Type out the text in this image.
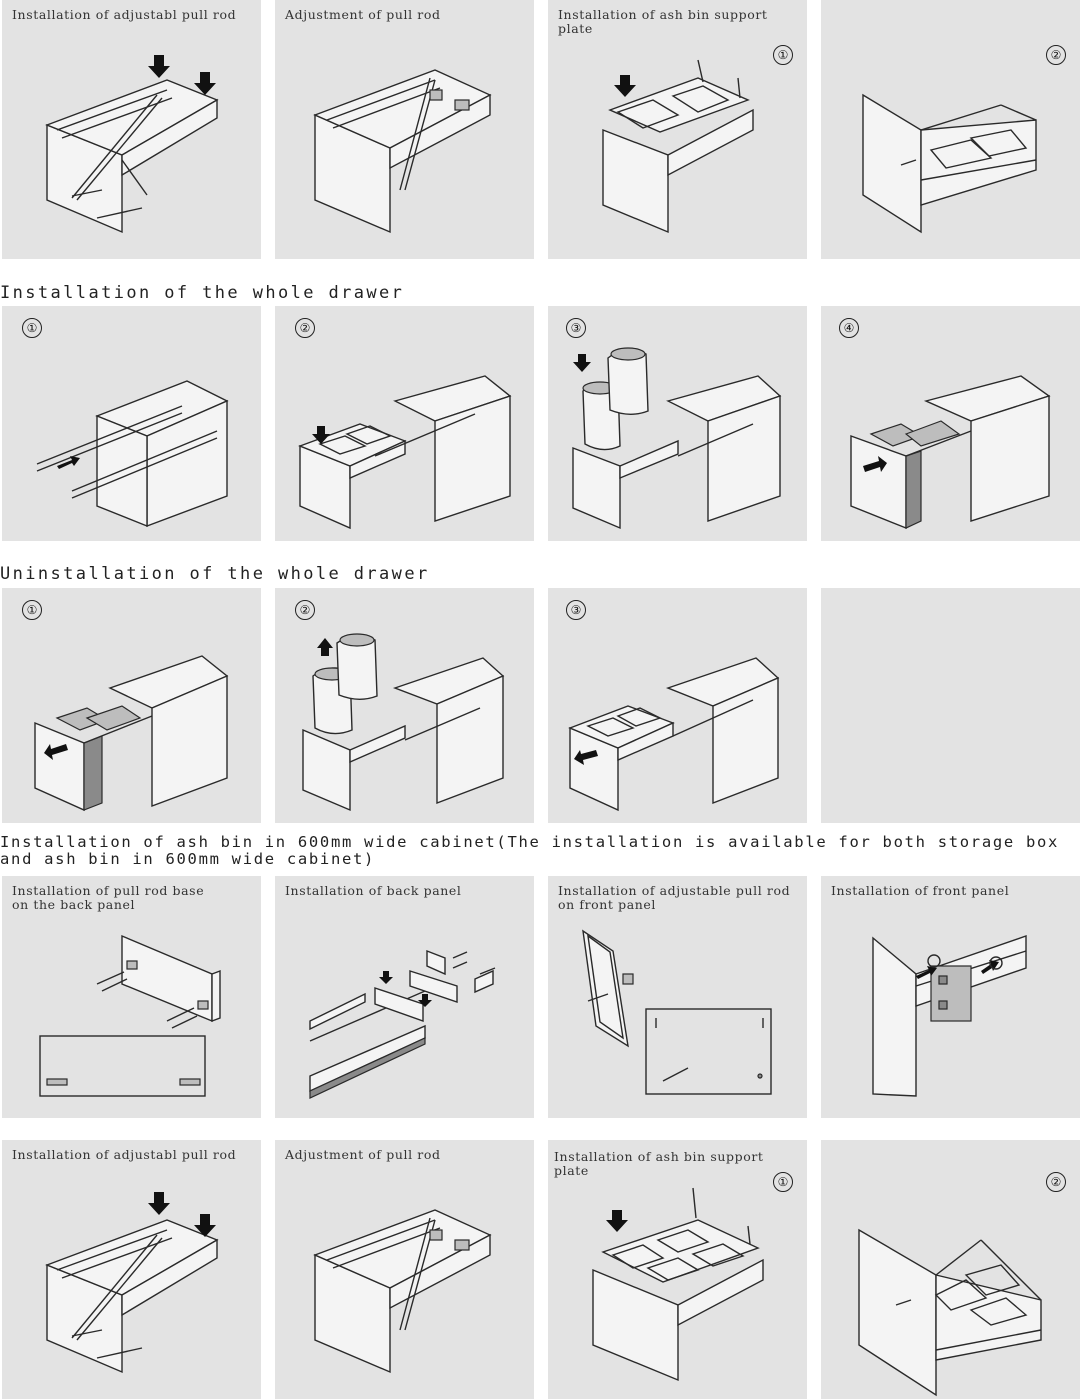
Installation of adjustabl pull rod	Adjustment of pull rod	Installation of ash bin support plate
①	②
Installation of the whole drawer
①	②	③	④
Uninstallation of the whole drawer
①	②	③
Installation of ash bin in 600mm wide cabinet(The installation is available for both storage box and ash bin in 600mm wide cabinet)
Installation of pull rod base
on the back panel
Installation of back panel	Installation of adjustable pull rod
on front panel
Installation of front panel
Installation of adjustabl pull rod	Adjustment of pull rod	Installation of ash bin support plate
①	②
